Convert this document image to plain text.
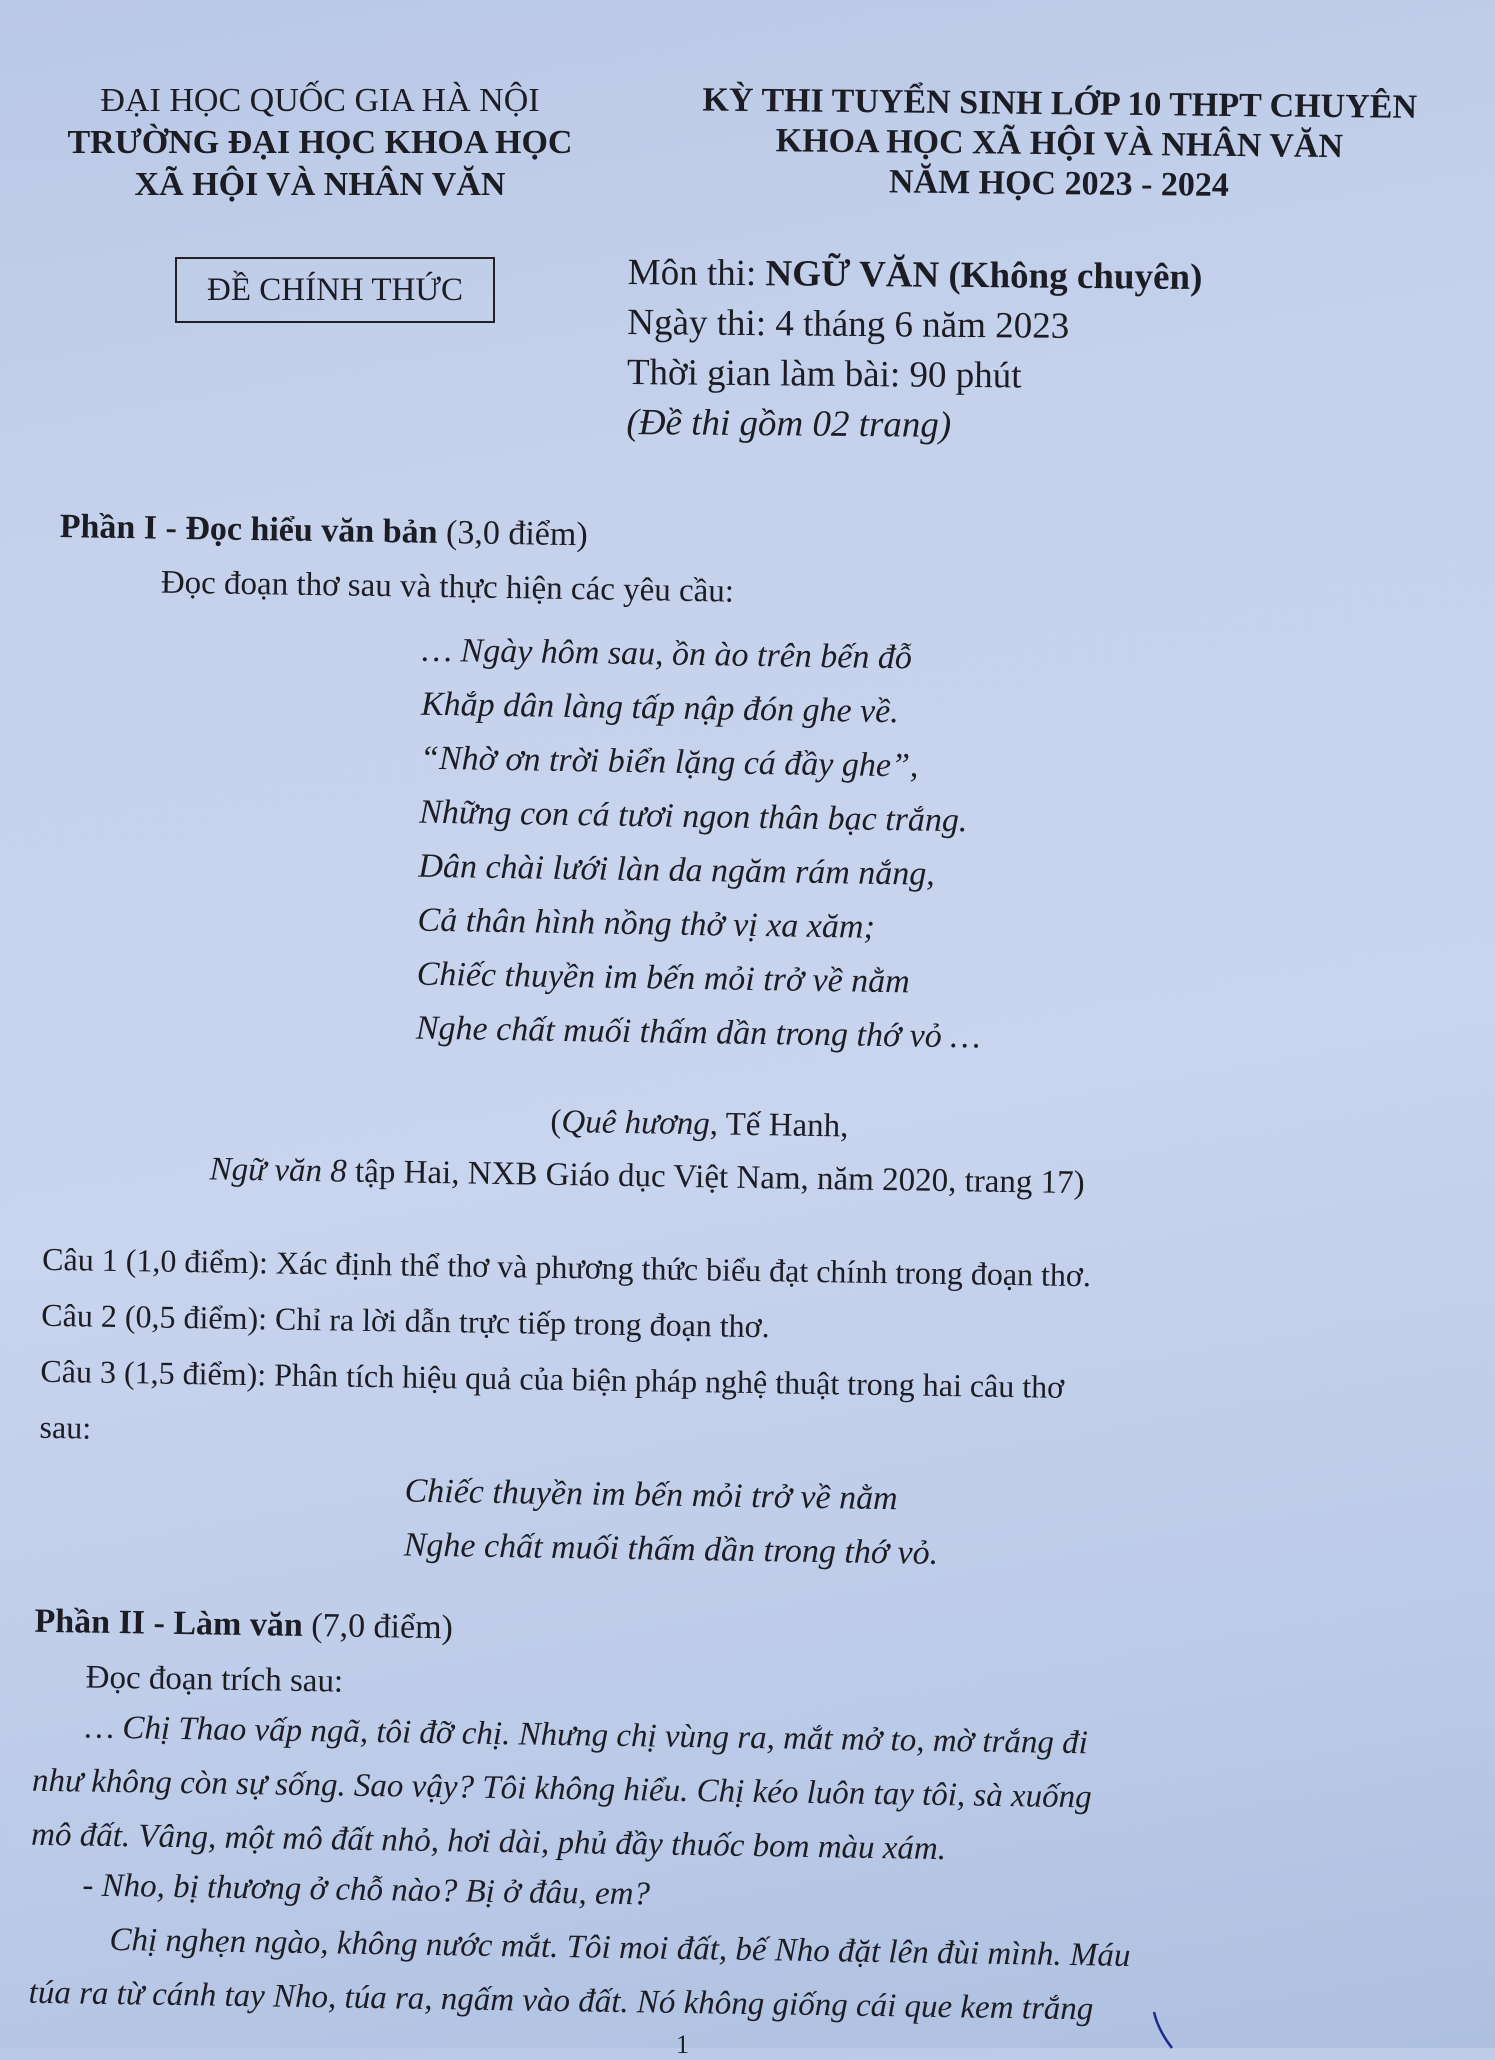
ĐẠI HỌC QUỐC GIA HÀ NỘI
TRƯỜNG ĐẠI HỌC KHOA HỌC
XÃ HỘI VÀ NHÂN VĂN
KỲ THI TUYỂN SINH LỚP 10 THPT CHUYÊN
KHOA HỌC XÃ HỘI VÀ NHÂN VĂN
NĂM HỌC 2023 - 2024
ĐỀ CHÍNH THỨC	Môn thi: NGỮ VĂN (Không chuyên)
Ngày thi: 4 tháng 6 năm 2023
Thời gian làm bài: 90 phút
(Đề thi gồm 02 trang)
Phần I - Đọc hiểu văn bản (3,0 điểm)
Đọc đoạn thơ sau và thực hiện các yêu cầu:
… Ngày hôm sau, ồn ào trên bến đỗ
Khắp dân làng tấp nập đón ghe về.
“Nhờ ơn trời biển lặng cá đầy ghe”,
Những con cá tươi ngon thân bạc trắng.
Dân chài lưới làn da ngăm rám nắng,
Cả thân hình nồng thở vị xa xăm;
Chiếc thuyền im bến mỏi trở về nằm
Nghe chất muối thấm dần trong thớ vỏ …
(Quê hương, Tế Hanh,
Ngữ văn 8 tập Hai, NXB Giáo dục Việt Nam, năm 2020, trang 17)
Câu 1 (1,0 điểm): Xác định thể thơ và phương thức biểu đạt chính trong đoạn thơ.
Câu 2 (0,5 điểm): Chỉ ra lời dẫn trực tiếp trong đoạn thơ.
Câu 3 (1,5 điểm): Phân tích hiệu quả của biện pháp nghệ thuật trong hai câu thơ
sau:
Chiếc thuyền im bến mỏi trở về nằm
Nghe chất muối thấm dần trong thớ vỏ.
Phần II - Làm văn (7,0 điểm)
Đọc đoạn trích sau:
… Chị Thao vấp ngã, tôi đỡ chị. Nhưng chị vùng ra, mắt mở to, mờ trắng đi
như không còn sự sống. Sao vậy? Tôi không hiểu. Chị kéo luôn tay tôi, sà xuống
mô đất. Vâng, một mô đất nhỏ, hơi dài, phủ đầy thuốc bom màu xám.
- Nho, bị thương ở chỗ nào? Bị ở đâu, em?
Chị nghẹn ngào, không nước mắt. Tôi moi đất, bế Nho đặt lên đùi mình. Máu
túa ra từ cánh tay Nho, túa ra, ngấm vào đất. Nó không giống cái que kem trắng
1
